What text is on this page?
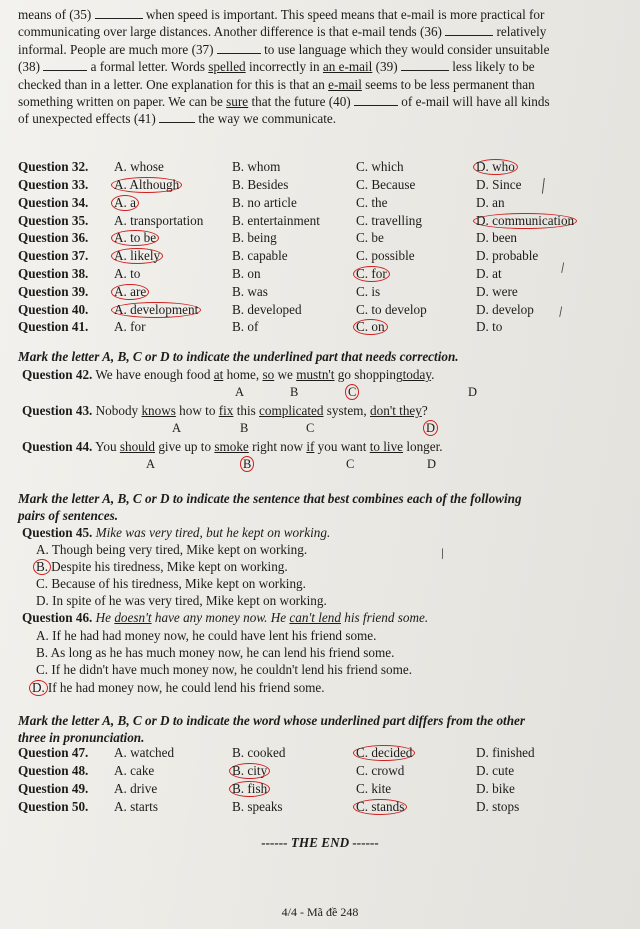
means of (35)	when speed is important. This speed means that e-mail is more practical for

communicating over large distances. Another difference is that e-mail tends (36)	relatively

informal. People are much more (37)	to use language which they would consider unsuitable

(38)	a formal letter. Words spelled incorrectly in an e-mail (39)	less likely to be

checked than in a letter. One explanation for this is that an e-mail seems to be less permanent than

something written on paper. We can be sure that the future (40)	of e-mail will have all kinds

of unexpected effects (41)	the way we communicate.

Question 32.	A. whose	B. whom	C. which	D. who
Question 33.	A. Although	B. Besides	C. Because	D. Since
Question 34.	A. a	B. no article	C. the	D. an
Question 35.	A. transportation	B. entertainment	C. travelling	D. communication
Question 36.	A. to be	B. being	C. be	D. been
Question 37.	A. likely	B. capable	C. possible	D. probable
Question 38.	A. to	B. on	C. for	D. at
Question 39.	A. are	B. was	C. is	D. were
Question 40.	A. development	B. developed	C. to develop	D. develop
Question 41.	A. for	B. of	C. on	D. to
Mark the letter A, B, C or D to indicate the underlined part that needs correction.
Question 42. We have enough food at home, so we mustn't go shoppingtoday.
A	B	C	D
Question 43. Nobody knows how to fix this complicated system, don't they?
A	B	C	D
Question 44. You should give up to smoke right now if you want to live longer.
A	B	C	D
Mark the letter A, B, C or D to indicate the sentence that best combines each of the following
pairs of sentences.
Question 45. Mike was very tired, but he kept on working.
A. Though being very tired, Mike kept on working.
B. Despite his tiredness, Mike kept on working.
C. Because of his tiredness, Mike kept on working.
D. In spite of he was very tired, Mike kept on working.
Question 46. He doesn't have any money now. He can't lend his friend some.
A. If he had had money now, he could have lent his friend some.
B. As long as he has much money now, he can lend his friend some.
C. If he didn't have much money now, he couldn't lend his friend some.
D. If he had money now, he could lend his friend some.
Mark the letter A, B, C or D to indicate the word whose underlined part differs from the other
three in pronunciation.
Question 47.	A. watched	B. cooked	C. decided	D. finished
Question 48.	A. cake	B. city	C. crowd	D. cute
Question 49.	A. drive	B. fish	C. kite	D. bike
Question 50.	A. starts	B. speaks	C. stands	D. stops
------ THE END ------
4/4 - Mã đề 248
╱
⁄
⁄
⁄
